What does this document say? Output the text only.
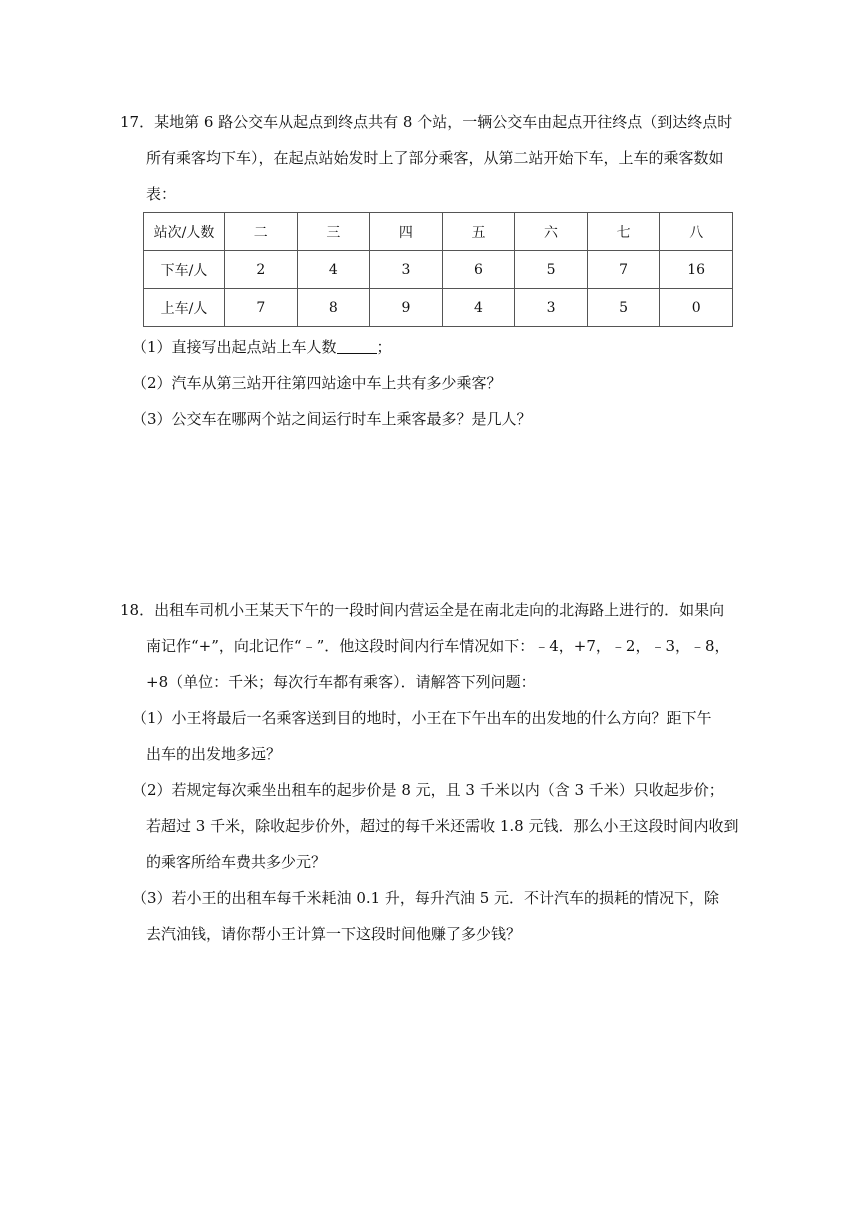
17．某地第 6 路公交车从起点到终点共有 8 个站，一辆公交车由起点开往终点（到达终点时
所有乘客均下车），在起点站始发时上了部分乘客，从第二站开始下车，上车的乘客数如
表：
站次/人数	二	三	四	五	六	七	八
下车/人	2	4	3	6	5	7	16
上车/人	7	8	9	4	3	5	0
（1）直接写出起点站上车人数	；
（2）汽车从第三站开往第四站途中车上共有多少乘客？
（3）公交车在哪两个站之间运行时车上乘客最多？是几人？
18．出租车司机小王某天下午的一段时间内营运全是在南北走向的北海路上进行的．如果向
南记作“+”，向北记作“﹣”．他这段时间内行车情况如下：﹣4，+7，﹣2，﹣3，﹣8，
+8（单位：千米；每次行车都有乘客）．请解答下列问题：
（1）小王将最后一名乘客送到目的地时，小王在下午出车的出发地的什么方向？距下午
出车的出发地多远？
（2）若规定每次乘坐出租车的起步价是 8 元，且 3 千米以内（含 3 千米）只收起步价；
若超过 3 千米，除收起步价外，超过的每千米还需收 1.8 元钱．那么小王这段时间内收到
的乘客所给车费共多少元？
（3）若小王的出租车每千米耗油 0.1 升，每升汽油 5 元．不计汽车的损耗的情况下，除
去汽油钱，请你帮小王计算一下这段时间他赚了多少钱？
